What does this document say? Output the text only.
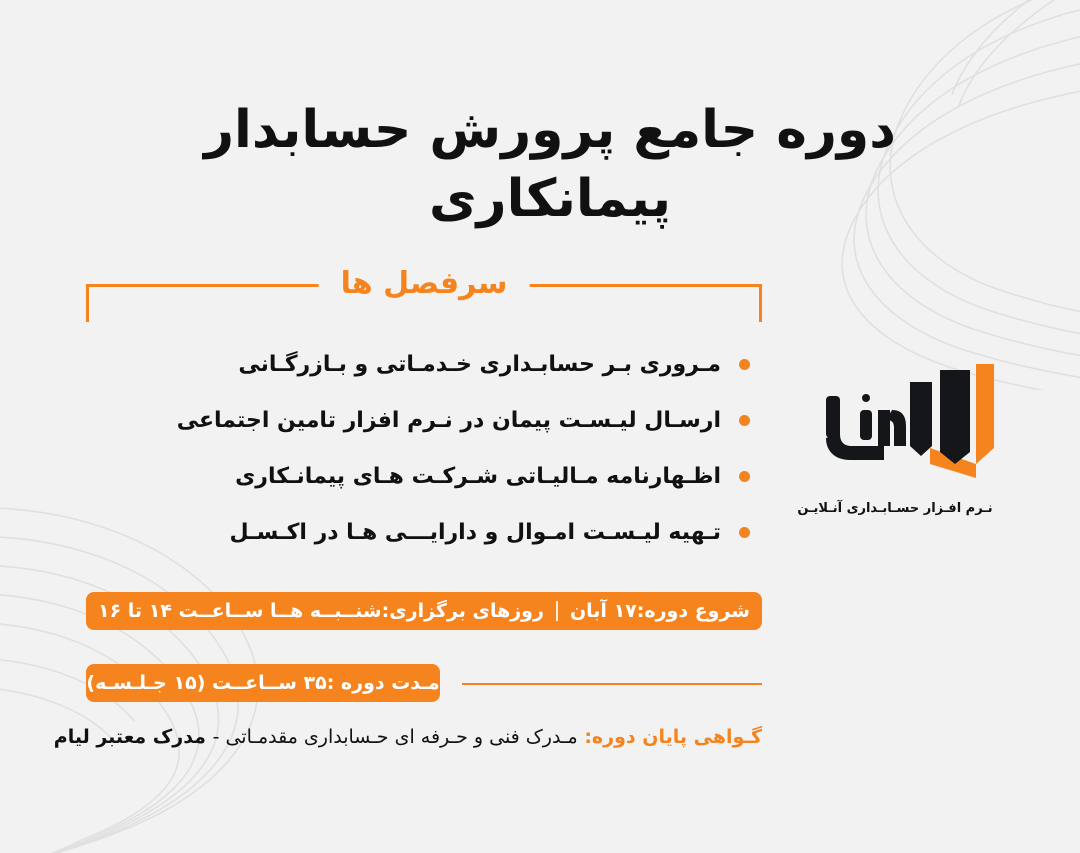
دوره جامع پرورش حسابدار
پیمانکاری
سرفصل ها
مـروری بـر حسابـداری خـدمـاتی و بـازرگـانی
ارسـال لیـسـت پیمان در نـرم افزار تامین اجتماعی
اظـهارنامه مـالیـاتی شـرکـت هـای پیمانـکاری
تـهیه لیـسـت امـوال و دارایـــی هـا در اکـسـل
شروع دوره:
۱۷ آبان
روزهای برگزاری:
شنــبــه هــا ســاعــت ۱۴ تا ۱۶
مـدت دوره :
۳۵ ســاعــت (۱۵ جـلـسـه)
گـواهی پایان دوره: مـدرک فنی و حـرفه ای حـسابداری مقدمـاتی - مدرک معتبر لیام
نـرم افـزار حسـابـداری آنـلایـن
